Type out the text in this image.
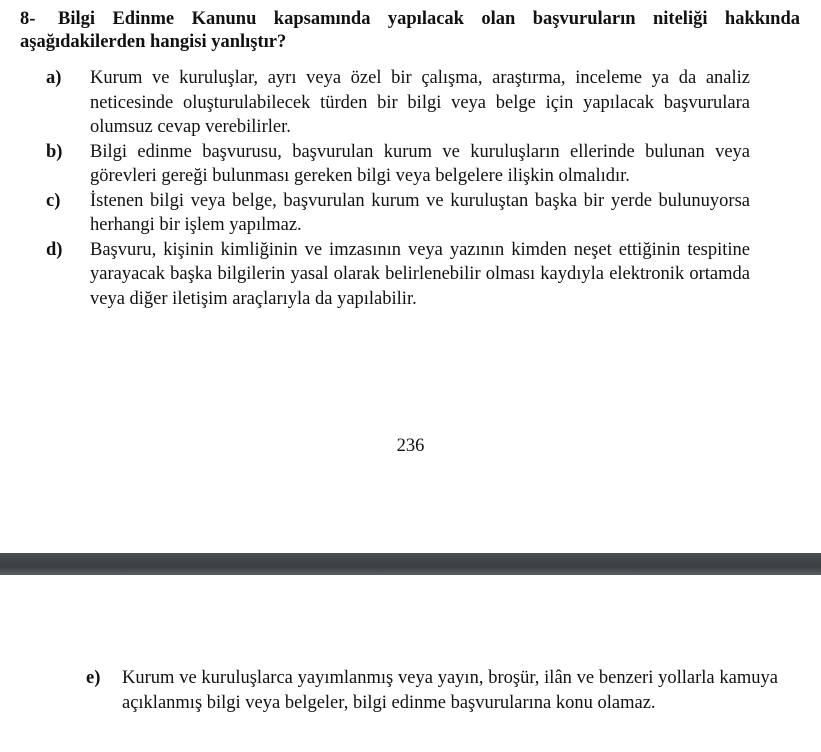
8- Bilgi Edinme Kanunu kapsamında yapılacak olan başvuruların niteliği hakkında aşağıdakilerden hangisi yanlıştır?
a)	Kurum ve kuruluşlar, ayrı veya özel bir çalışma, araştırma, inceleme ya da analiz neticesinde oluşturulabilecek türden bir bilgi veya belge için yapılacak başvurulara olumsuz cevap verebilirler.
b)	Bilgi edinme başvurusu, başvurulan kurum ve kuruluşların ellerinde bulunan veya görevleri gereği bulunması gereken bilgi veya belgelere ilişkin olmalıdır.
c)	İstenen bilgi veya belge, başvurulan kurum ve kuruluştan başka bir yerde bulunuyorsa herhangi bir işlem yapılmaz.
d)	Başvuru, kişinin kimliğinin ve imzasının veya yazının kimden neşet ettiğinin tespitine yarayacak başka bilgilerin yasal olarak belirlenebilir olması kaydıyla elektronik ortamda veya diğer iletişim araçlarıyla da yapılabilir.
236
e)	Kurum ve kuruluşlarca yayımlanmış veya yayın, broşür, ilân ve benzeri yollarla kamuya açıklanmış bilgi veya belgeler, bilgi edinme başvurularına konu olamaz.
